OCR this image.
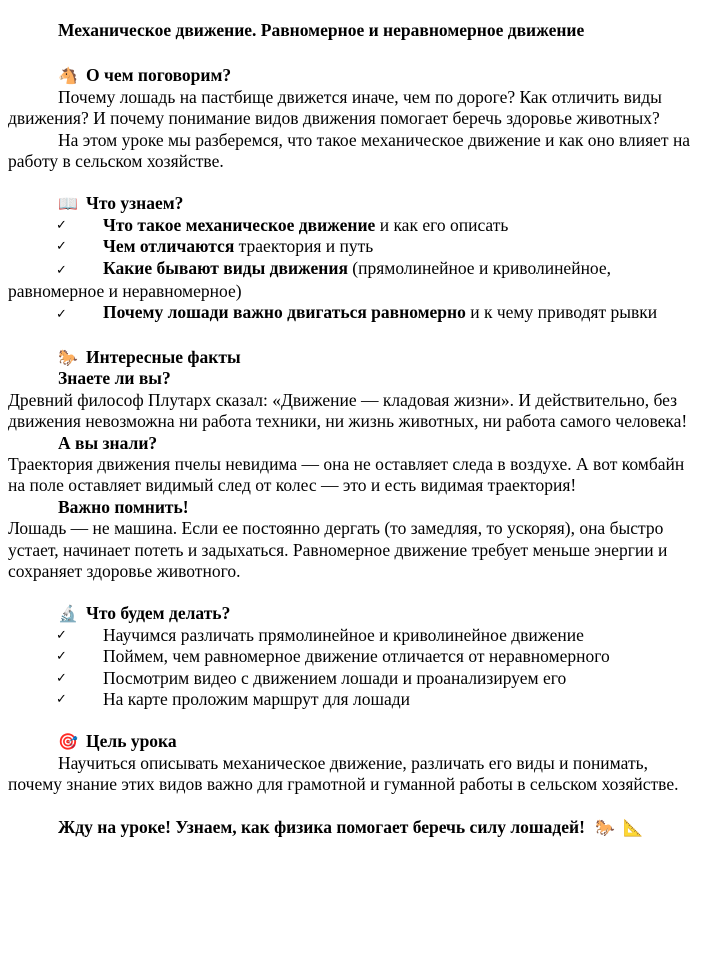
Механическое движение. Равномерное и неравномерное движение

🐴 О чем поговорим?

Почему лошадь на пастбище движется иначе, чем по дороге? Как отличить виды движения? И почему понимание видов движения помогает беречь здоровье животных?

На этом уроке мы разберемся, что такое механическое движение и как оно влияет на работу в сельском хозяйстве.

📖 Что узнаем?
✓	Что такое механическое движение и как его описать
✓	Чем отличаются траектория и путь
✓ Какие бывают виды движения (прямолинейное и криволинейное, равномерное и неравномерное)
✓ Почему лошади важно двигаться равномерно и к чему приводят рывки
🐎 Интересные факты

Знаете ли вы?

Древний философ Плутарх сказал: «Движение — кладовая жизни». И действительно, без движения невозможна ни работа техники, ни жизнь животных, ни работа самого человека!

А вы знали?

Траектория движения пчелы невидима — она не оставляет следа в воздухе. А вот комбайн на поле оставляет видимый след от колес — это и есть видимая траектория!

Важно помнить!

Лошадь — не машина. Если ее постоянно дергать (то замедляя, то ускоряя), она быстро устает, начинает потеть и задыхаться. Равномерное движение требует меньше энергии и сохраняет здоровье животного.

🔬 Что будем делать?
✓	Научимся различать прямолинейное и криволинейное движение
✓	Поймем, чем равномерное движение отличается от неравномерного
✓	Посмотрим видео с движением лошади и проанализируем его
✓	На карте проложим маршрут для лошади
🎯 Цель урока

Научиться описывать механическое движение, различать его виды и понимать, почему знание этих видов важно для грамотной и гуманной работы в сельском хозяйстве.

Жду на уроке! Узнаем, как физика помогает беречь силу лошадей! 🐎 📐
